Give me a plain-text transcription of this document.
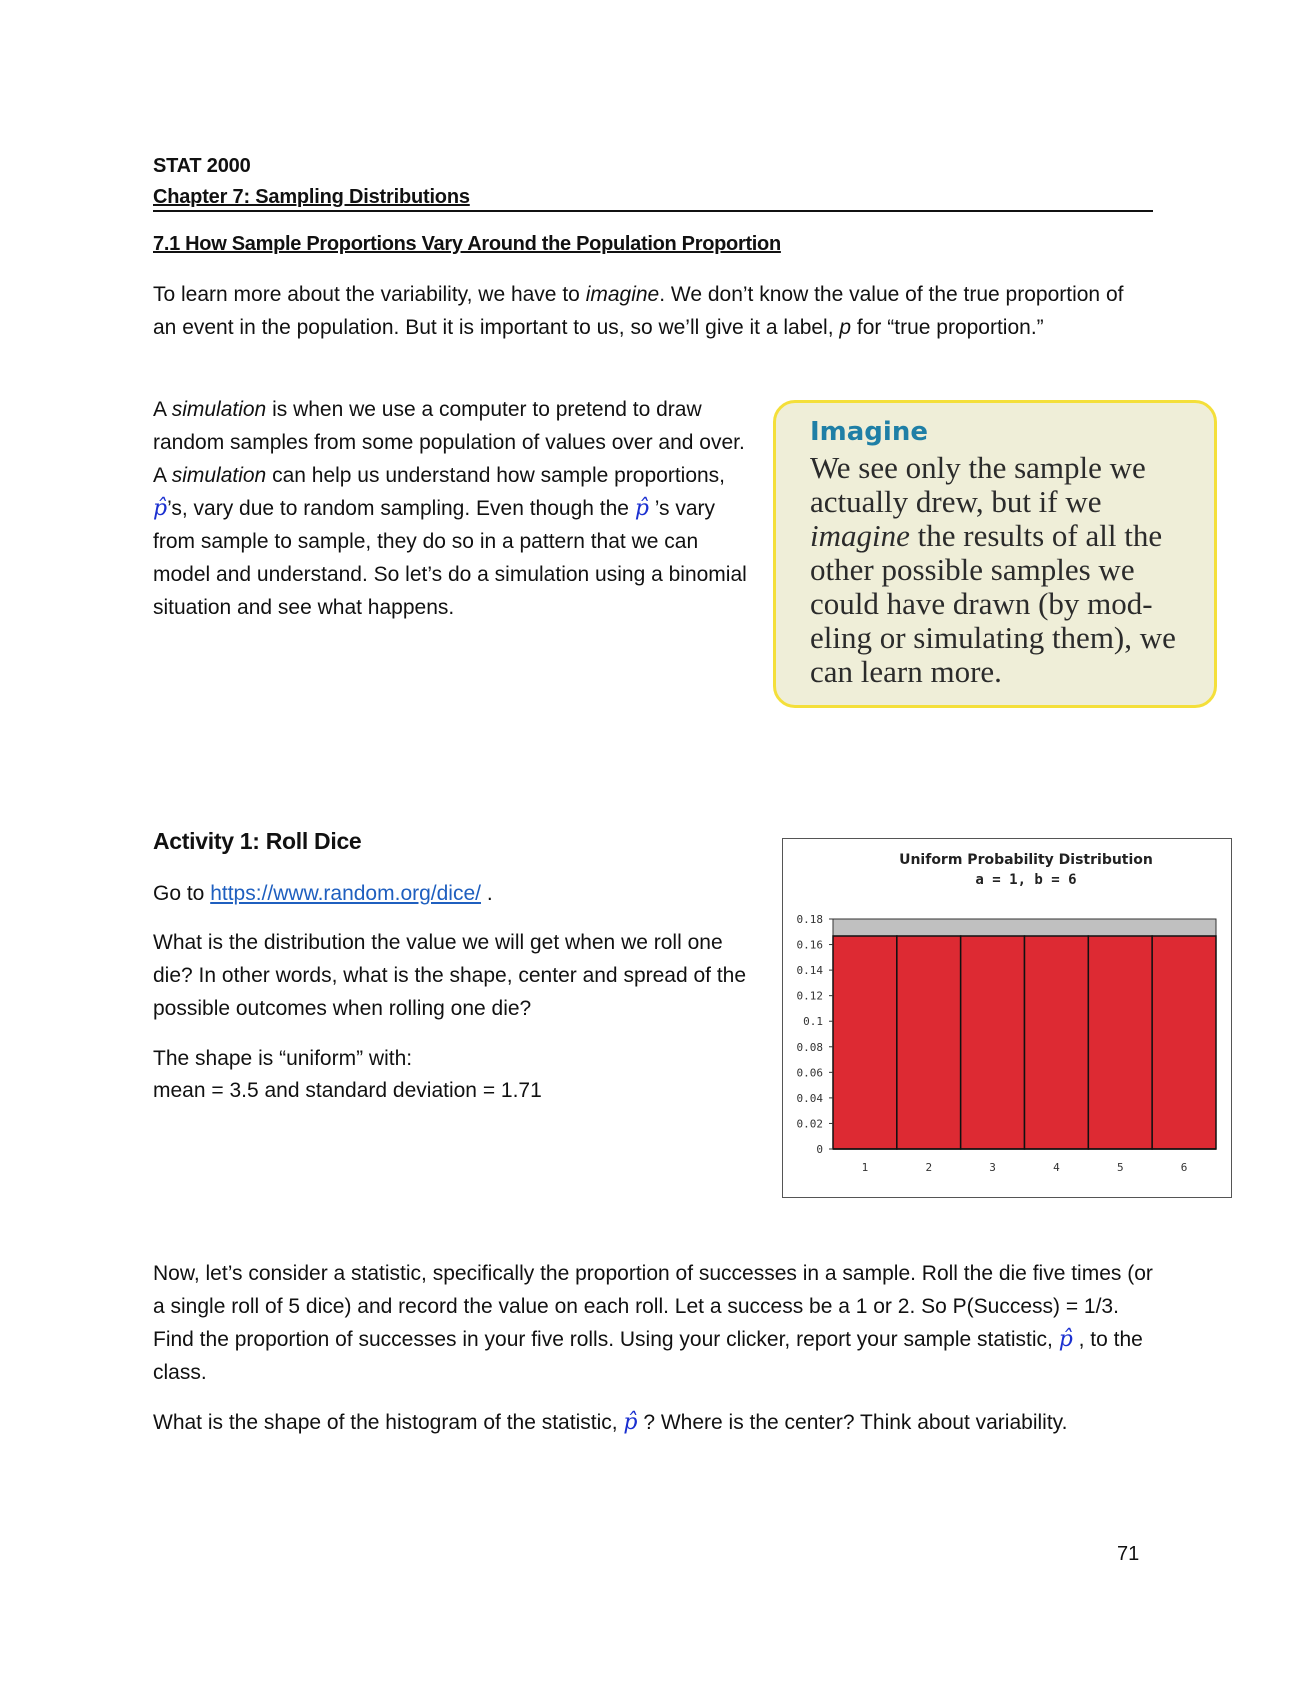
STAT 2000
Chapter 7: Sampling Distributions
7.1 How Sample Proportions Vary Around the Population Proportion
To learn more about the variability, we have to imagine. We don’t know the value of the true proportion of an event in the population. But it is important to us, so we’ll give it a label, p for “true proportion.”
A simulation is when we use a computer to pretend to draw random samples from some population of values over and over. A simulation can help us understand how sample proportions, p̂’s, vary due to random sampling. Even though the p̂ ’s vary from sample to sample, they do so in a pattern that we can model and understand. So let’s do a simulation using a binomial situation and see what happens.
Imagine
We see only the sample we actually drew, but if we imagine the results of all the other possible samples we could have drawn (by mod- eling or simulating them), we can learn more.
Activity 1: Roll Dice
Go to https://www.random.org/dice/ .
What is the distribution the value we will get when we roll one die? In other words, what is the shape, center and spread of the possible outcomes when rolling one die?
The shape is “uniform” with:
mean = 3.5 and standard deviation = 1.71
Uniform Probability Distribution
a = 1, b = 6
1	2	3	4	5	6
0
0.02
0.04
0.06
0.08
0.1
0.12
0.14
0.16
0.18
Now, let’s consider a statistic, specifically the proportion of successes in a sample. Roll the die five times (or a single roll of 5 dice) and record the value on each roll. Let a success be a 1 or 2. So P(Success) = 1/3. Find the proportion of successes in your five rolls. Using your clicker, report your sample statistic, p̂ , to the class.
What is the shape of the histogram of the statistic, p̂ ? Where is the center? Think about variability.
71
